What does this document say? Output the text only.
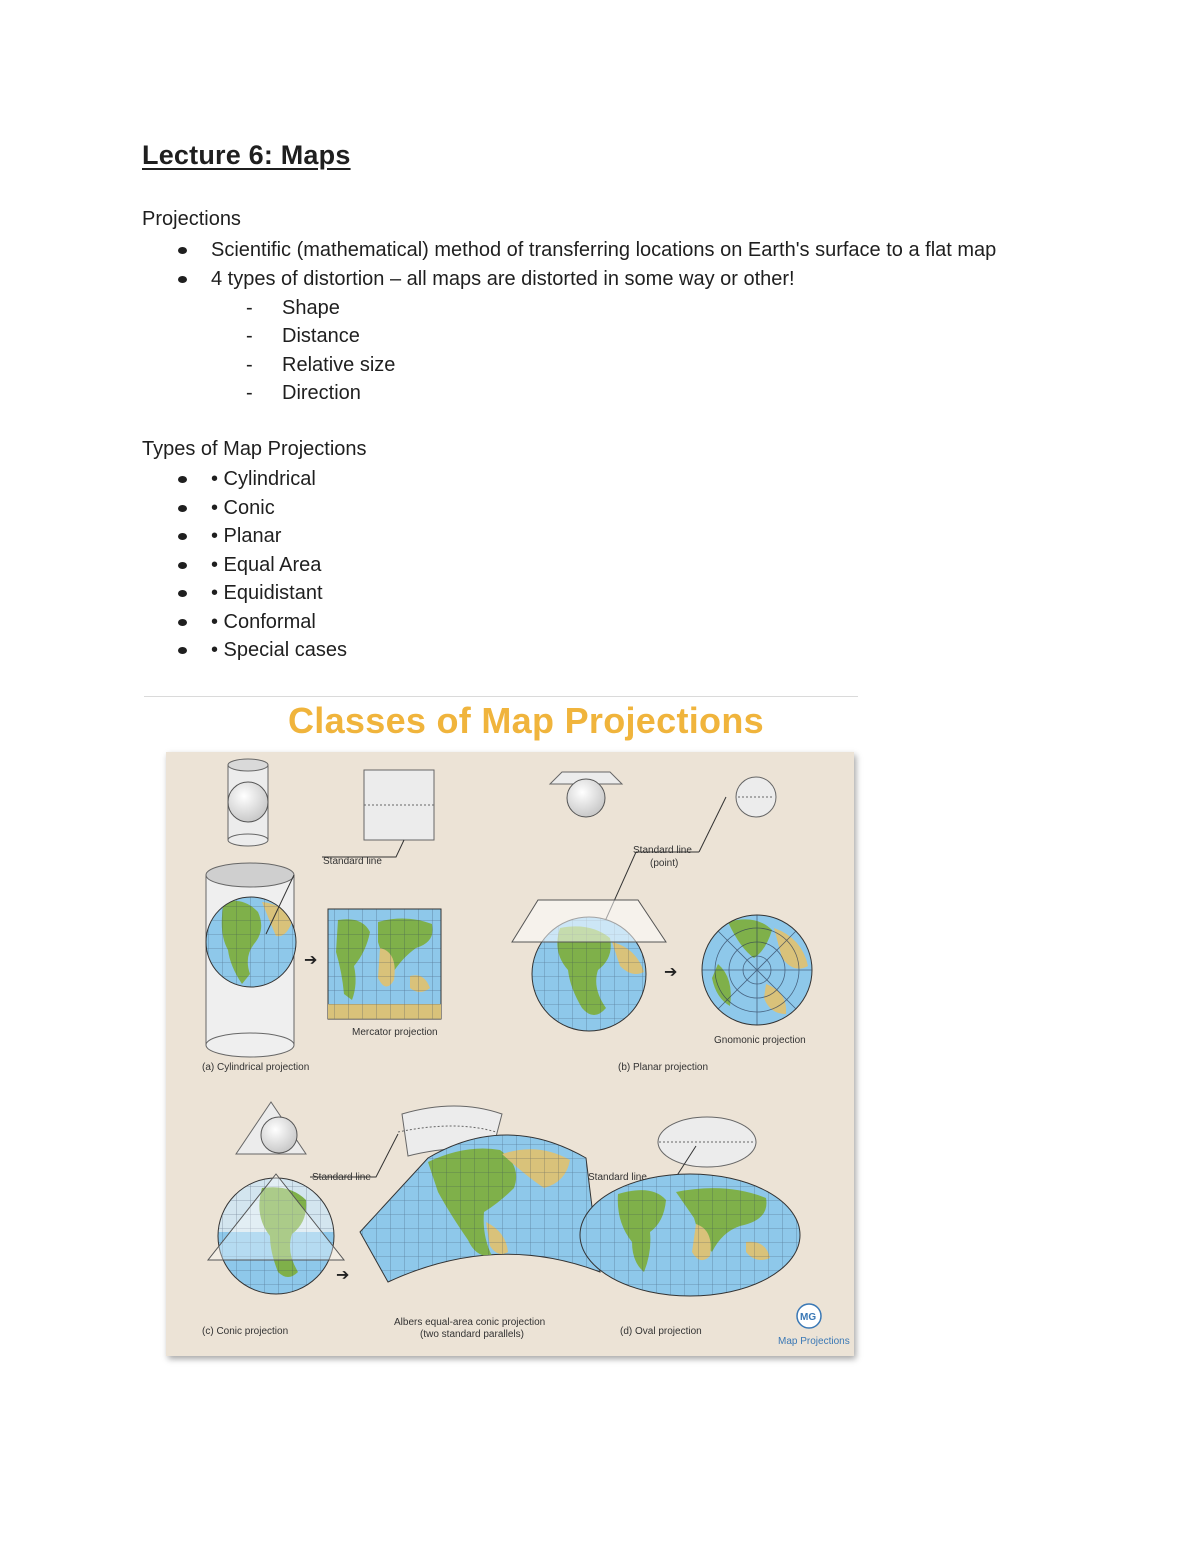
Lecture 6: Maps

Projections

Scientific (mathematical) method of transferring locations on Earth's surface to a flat map
4 types of distortion – all maps are distorted in some way or other!
- Shape
- Distance
- Relative size
- Direction

Types of Map Projections

• Cylindrical
• Conic
• Planar
• Equal Area
• Equidistant
• Conformal
• Special cases
Classes of Map Projections
Standard line
➔
Mercator projection
(a) Cylindrical projection
Standard line
(point)
➔
Gnomonic projection
(b) Planar projection
Standard line
➔
Albers equal-area conic projection
(two standard parallels)
(c) Conic projection
Standard line
(d) Oval projection
MG
Map Projections
